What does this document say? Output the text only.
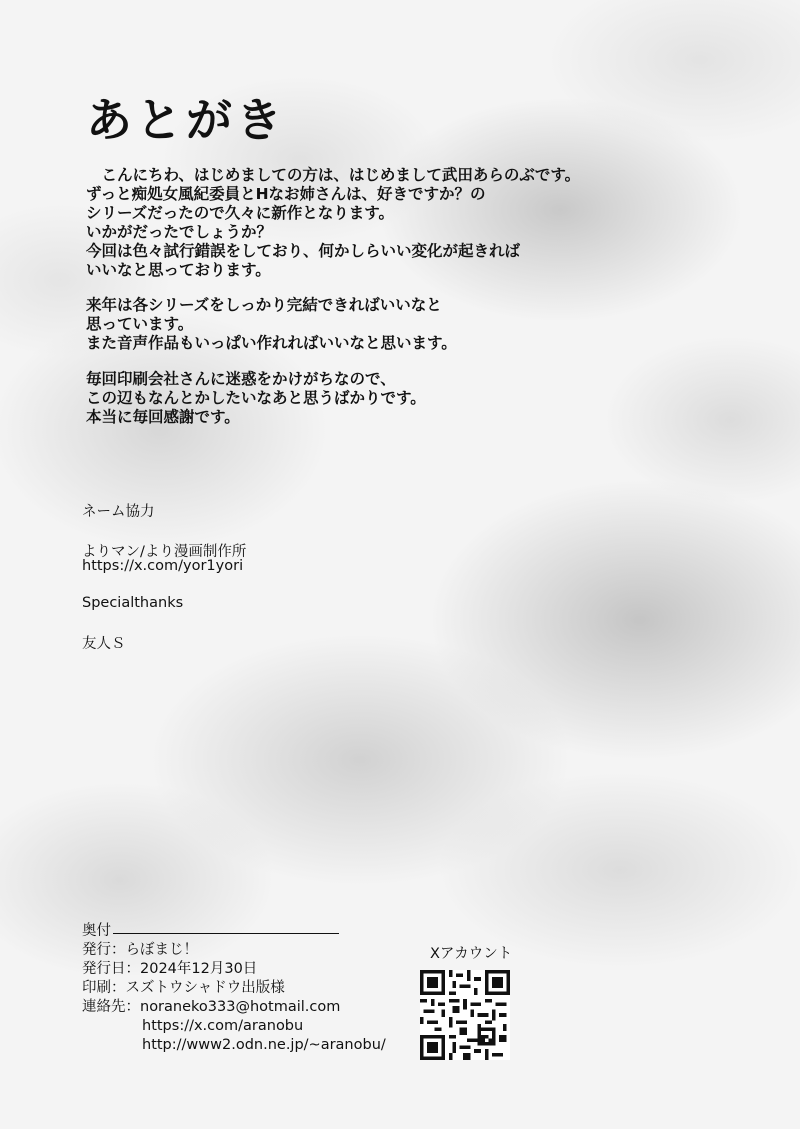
あとがき
　こんにちわ、はじめましての方は、はじめまして武田あらのぶです。
ずっと痴処女風紀委員とHなお姉さんは、好きですか？の
シリーズだったので久々に新作となります。
いかがだったでしょうか？
今回は色々試行錯誤をしており、何かしらいい変化が起きれば
いいなと思っております。
来年は各シリーズをしっかり完結できればいいなと
思っています。
また音声作品もいっぱい作れればいいなと思います。
毎回印刷会社さんに迷惑をかけがちなので、
この辺もなんとかしたいなあと思うばかりです。
本当に毎回感謝です。
ネーム協力
よりマン/より漫画制作所
https://x.com/yor1yori
Specialthanks
友人Ｓ
奥付
発行：らぼまじ！
発行日：2024年12月30日
印刷：スズトウシャドウ出版様
連絡先：noraneko333@hotmail.com
https://x.com/aranobu
http://www2.odn.ne.jp/~aranobu/
Xアカウント
